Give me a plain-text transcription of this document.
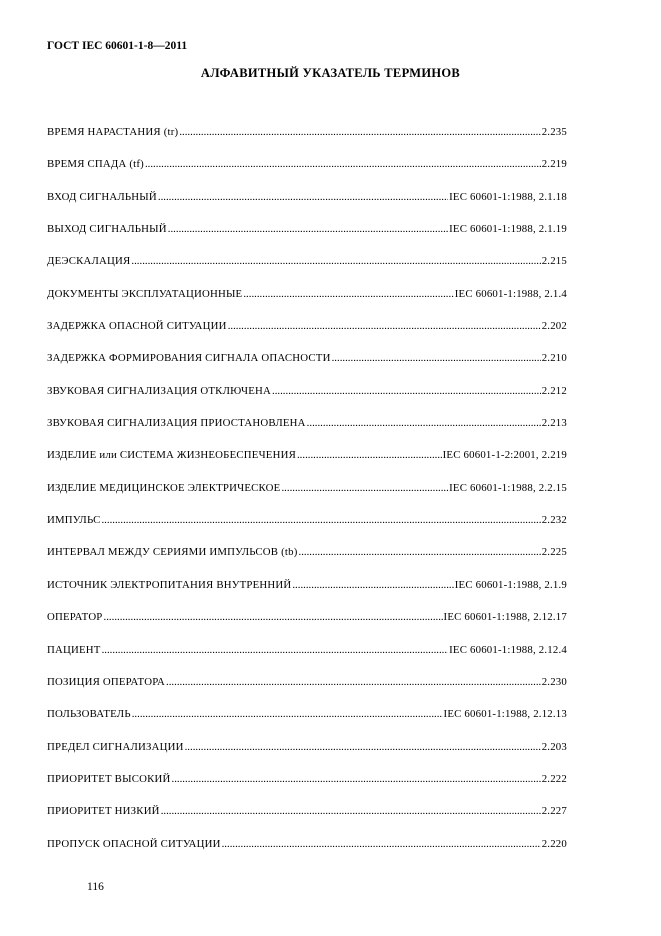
ГОСТ IEC 60601-1-8—2011
АЛФАВИТНЫЙ УКАЗАТЕЛЬ ТЕРМИНОВ
ВРЕМЯ НАРАСТАНИЯ (tr) .....	2.235
ВРЕМЯ СПАДА (tf) .....	2.219
ВХОД СИГНАЛЬНЫЙ .....	IEC 60601-1:1988, 2.1.18
ВЫХОД СИГНАЛЬНЫЙ .....	IEC 60601-1:1988, 2.1.19
ДЕЭСКАЛАЦИЯ .....	2.215
ДОКУМЕНТЫ ЭКСПЛУАТАЦИОННЫЕ .....	IEC 60601-1:1988, 2.1.4
ЗАДЕРЖКА ОПАСНОЙ СИТУАЦИИ .....	2.202
ЗАДЕРЖКА ФОРМИРОВАНИЯ СИГНАЛА ОПАСНОСТИ .....	2.210
ЗВУКОВАЯ СИГНАЛИЗАЦИЯ ОТКЛЮЧЕНА .....	2.212
ЗВУКОВАЯ СИГНАЛИЗАЦИЯ ПРИОСТАНОВЛЕНА .....	2.213
ИЗДЕЛИЕ или СИСТЕМА ЖИЗНЕОБЕСПЕЧЕНИЯ .....	IEC 60601-1-2:2001, 2.219
ИЗДЕЛИЕ МЕДИЦИНСКОЕ ЭЛЕКТРИЧЕСКОЕ .....	IEC 60601-1:1988, 2.2.15
ИМПУЛЬС .....	2.232
ИНТЕРВАЛ МЕЖДУ СЕРИЯМИ ИМПУЛЬСОВ (tb) .....	2.225
ИСТОЧНИК ЭЛЕКТРОПИТАНИЯ ВНУТРЕННИЙ .....	IEC 60601-1:1988, 2.1.9
ОПЕРАТОР .....	IEC 60601-1:1988, 2.12.17
ПАЦИЕНТ .....	IEC 60601-1:1988, 2.12.4
ПОЗИЦИЯ ОПЕРАТОРА .....	2.230
ПОЛЬЗОВАТЕЛЬ .....	IEC 60601-1:1988, 2.12.13
ПРЕДЕЛ СИГНАЛИЗАЦИИ .....	2.203
ПРИОРИТЕТ ВЫСОКИЙ .....	2.222
ПРИОРИТЕТ НИЗКИЙ .....	2.227
ПРОПУСК ОПАСНОЙ СИТУАЦИИ .....	2.220
116
